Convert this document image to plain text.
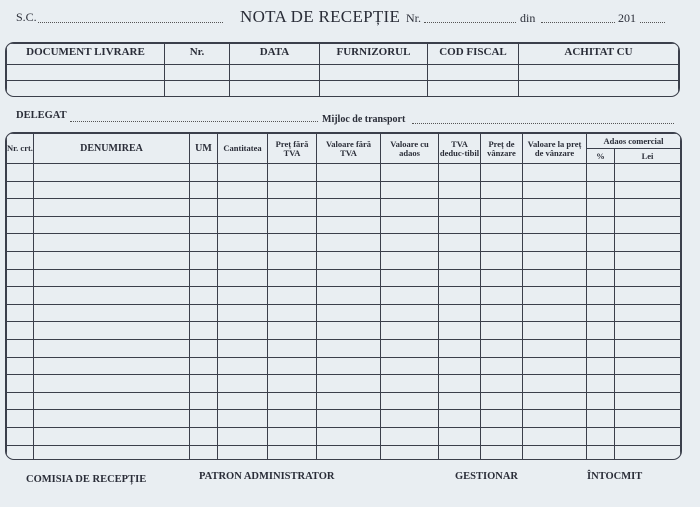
S.C.	NOTA DE RECEPȚIE Nr.	din	201
DOCUMENT LIVRARE	Nr.	DATA	FURNIZORUL	COD FISCAL	ACHITAT CU

DELEGAT	Mijloc de transport
Nr. crt.	DENUMIREA	UM	Cantitatea	Preț fără TVA	Valoare fără TVA	Valoare cu adaos	TVA deduc-tibil	Preț de vânzare	Valoare la preț de vânzare	Adaos comercial	
										%	Lei

COMISIA DE RECEPȚIE	PATRON ADMINISTRATOR	GESTIONAR	ÎNTOCMIT
